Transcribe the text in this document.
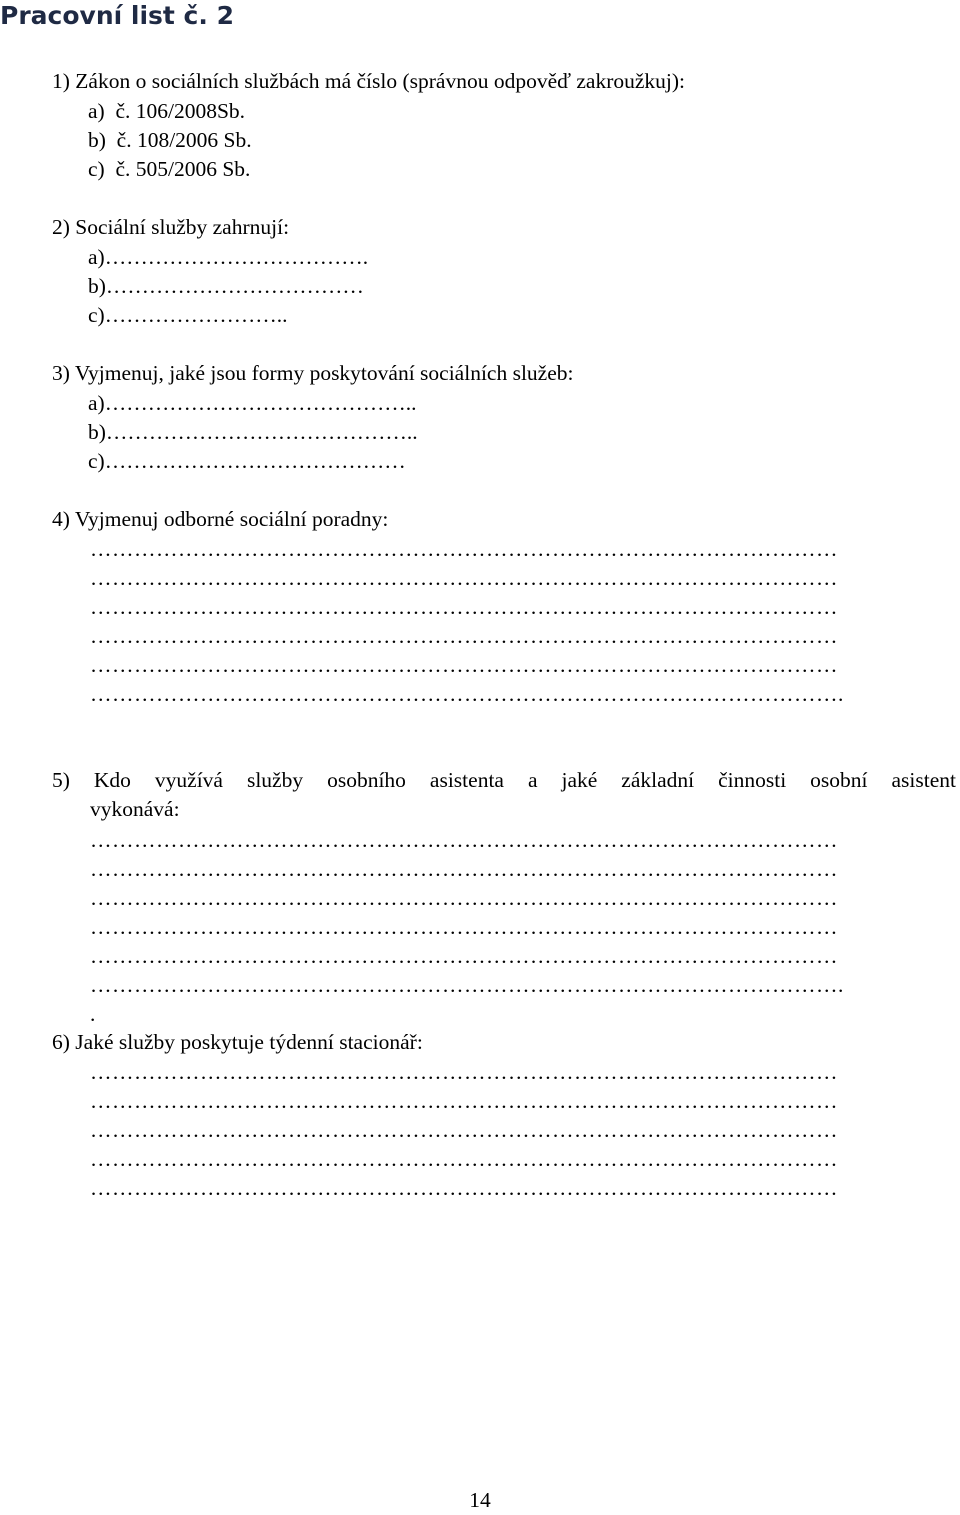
Pracovní list č. 2
1) Zákon o sociálních službách má číslo (správnou odpověď zakroužkuj):
a)  č. 106/2008Sb.
b)  č. 108/2006 Sb.
c)  č. 505/2006 Sb.
2) Sociální služby zahrnují:
a)……………………………….
b)………………………………
c)……………………..
3) Vyjmenuj, jaké jsou formy poskytování sociálních služeb:
a)……………………………………..
b)……………………………………..
c)……………………………………
4) Vyjmenuj odborné sociální poradny:
…………………………………………………………………………………………
…………………………………………………………………………………………
…………………………………………………………………………………………
…………………………………………………………………………………………
…………………………………………………………………………………………
………………………………………………………………………………………….
5) Kdo využívá služby osobního asistenta a jaké základní činnosti osobní asistent
vykonává:
…………………………………………………………………………………………
…………………………………………………………………………………………
…………………………………………………………………………………………
…………………………………………………………………………………………
…………………………………………………………………………………………
………………………………………………………………………………………….
.
6) Jaké služby poskytuje týdenní stacionář:
…………………………………………………………………………………………
…………………………………………………………………………………………
…………………………………………………………………………………………
…………………………………………………………………………………………
…………………………………………………………………………………………
14
